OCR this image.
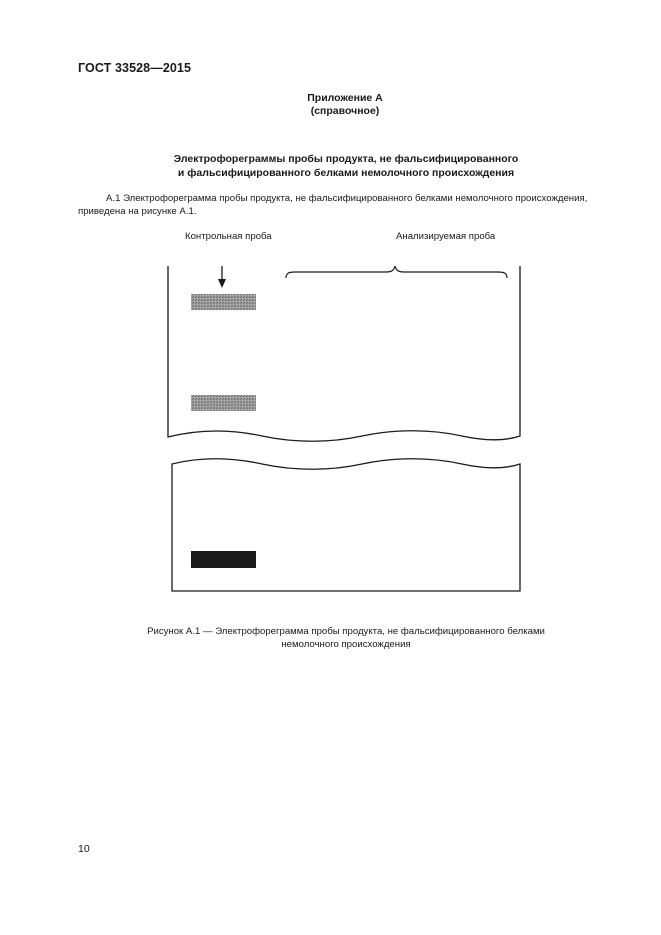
ГОСТ 33528—2015
Приложение А
(справочное)
Электрофореграммы пробы продукта, не фальсифицированного
и фальсифицированного белками немолочного происхождения
А.1 Электрофореграмма пробы продукта, не фальсифицированного белками немолочного происхождения, приведена на рисунке А.1.
Контрольная проба	Анализируемая проба
Рисунок А.1 — Электрофореграмма пробы продукта, не фальсифицированного белками
немолочного происхождения
10
